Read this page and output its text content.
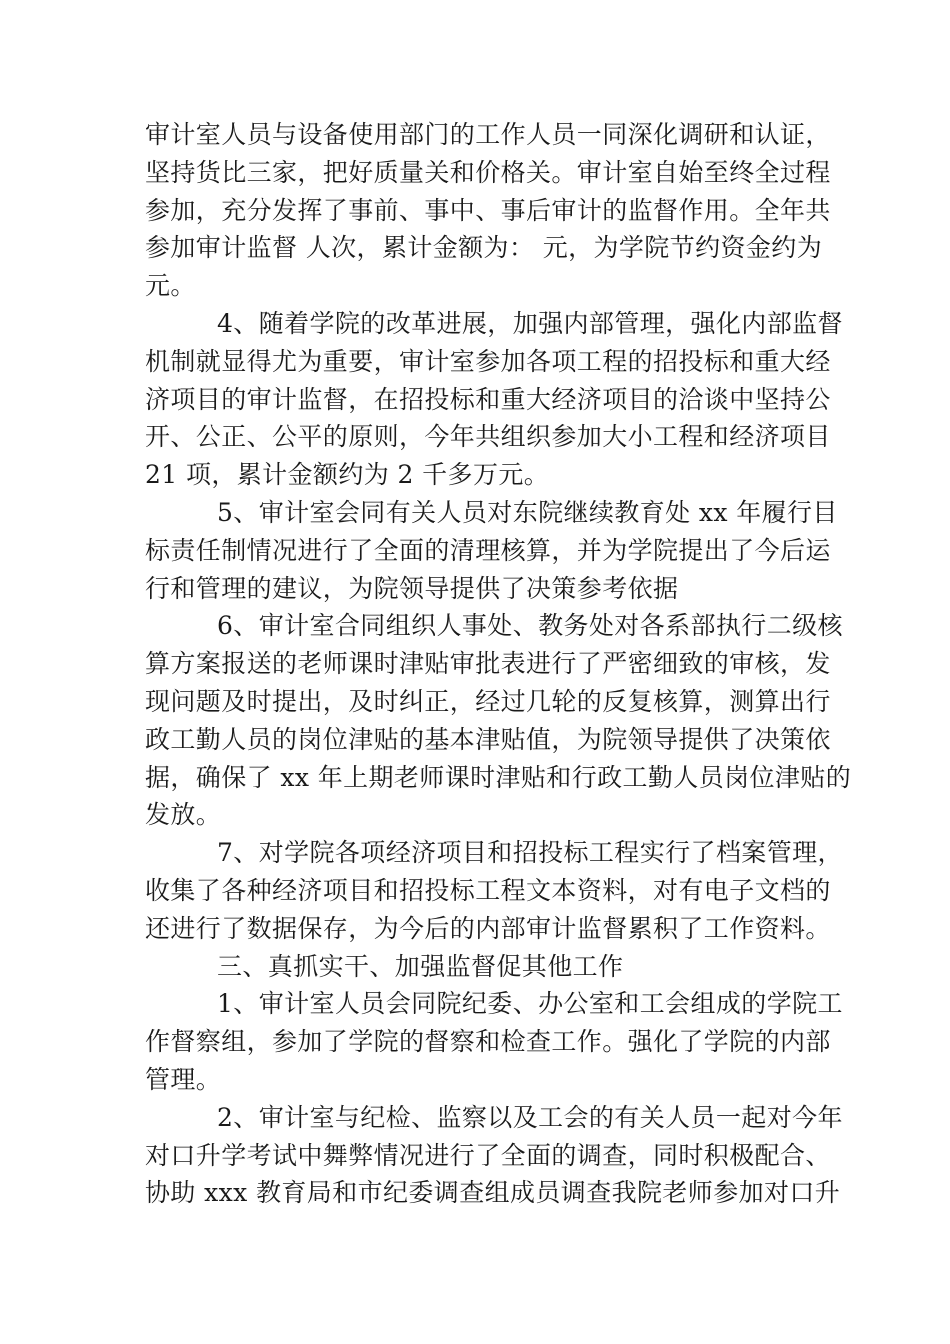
审计室人员与设备使用部门的工作人员一同深化调研和认证，
坚持货比三家，把好质量关和价格关。审计室自始至终全过程
参加，充分发挥了事前、事中、事后审计的监督作用。全年共
参加审计监督 人次，累计金额为： 元，为学院节约资金约为
元。

4、随着学院的改革进展，加强内部管理，强化内部监督
机制就显得尤为重要，审计室参加各项工程的招投标和重大经
济项目的审计监督，在招投标和重大经济项目的洽谈中坚持公
开、公正、公平的原则，今年共组织参加大小工程和经济项目
21 项，累计金额约为 2 千多万元。

5、审计室会同有关人员对东院继续教育处 xx 年履行目
标责任制情况进行了全面的清理核算，并为学院提出了今后运
行和管理的建议，为院领导提供了决策参考依据

6、审计室合同组织人事处、教务处对各系部执行二级核
算方案报送的老师课时津贴审批表进行了严密细致的审核，发
现问题及时提出，及时纠正，经过几轮的反复核算，测算出行
政工勤人员的岗位津贴的基本津贴值，为院领导提供了决策依
据，确保了 xx 年上期老师课时津贴和行政工勤人员岗位津贴的
发放。

7、对学院各项经济项目和招投标工程实行了档案管理，
收集了各种经济项目和招投标工程文本资料，对有电子文档的
还进行了数据保存，为今后的内部审计监督累积了工作资料。

三、真抓实干、加强监督促其他工作

1、审计室人员会同院纪委、办公室和工会组成的学院工
作督察组，参加了学院的督察和检查工作。强化了学院的内部
管理。

2、审计室与纪检、监察以及工会的有关人员一起对今年
对口升学考试中舞弊情况进行了全面的调查，同时积极配合、
协助 xxx 教育局和市纪委调查组成员调查我院老师参加对口升
